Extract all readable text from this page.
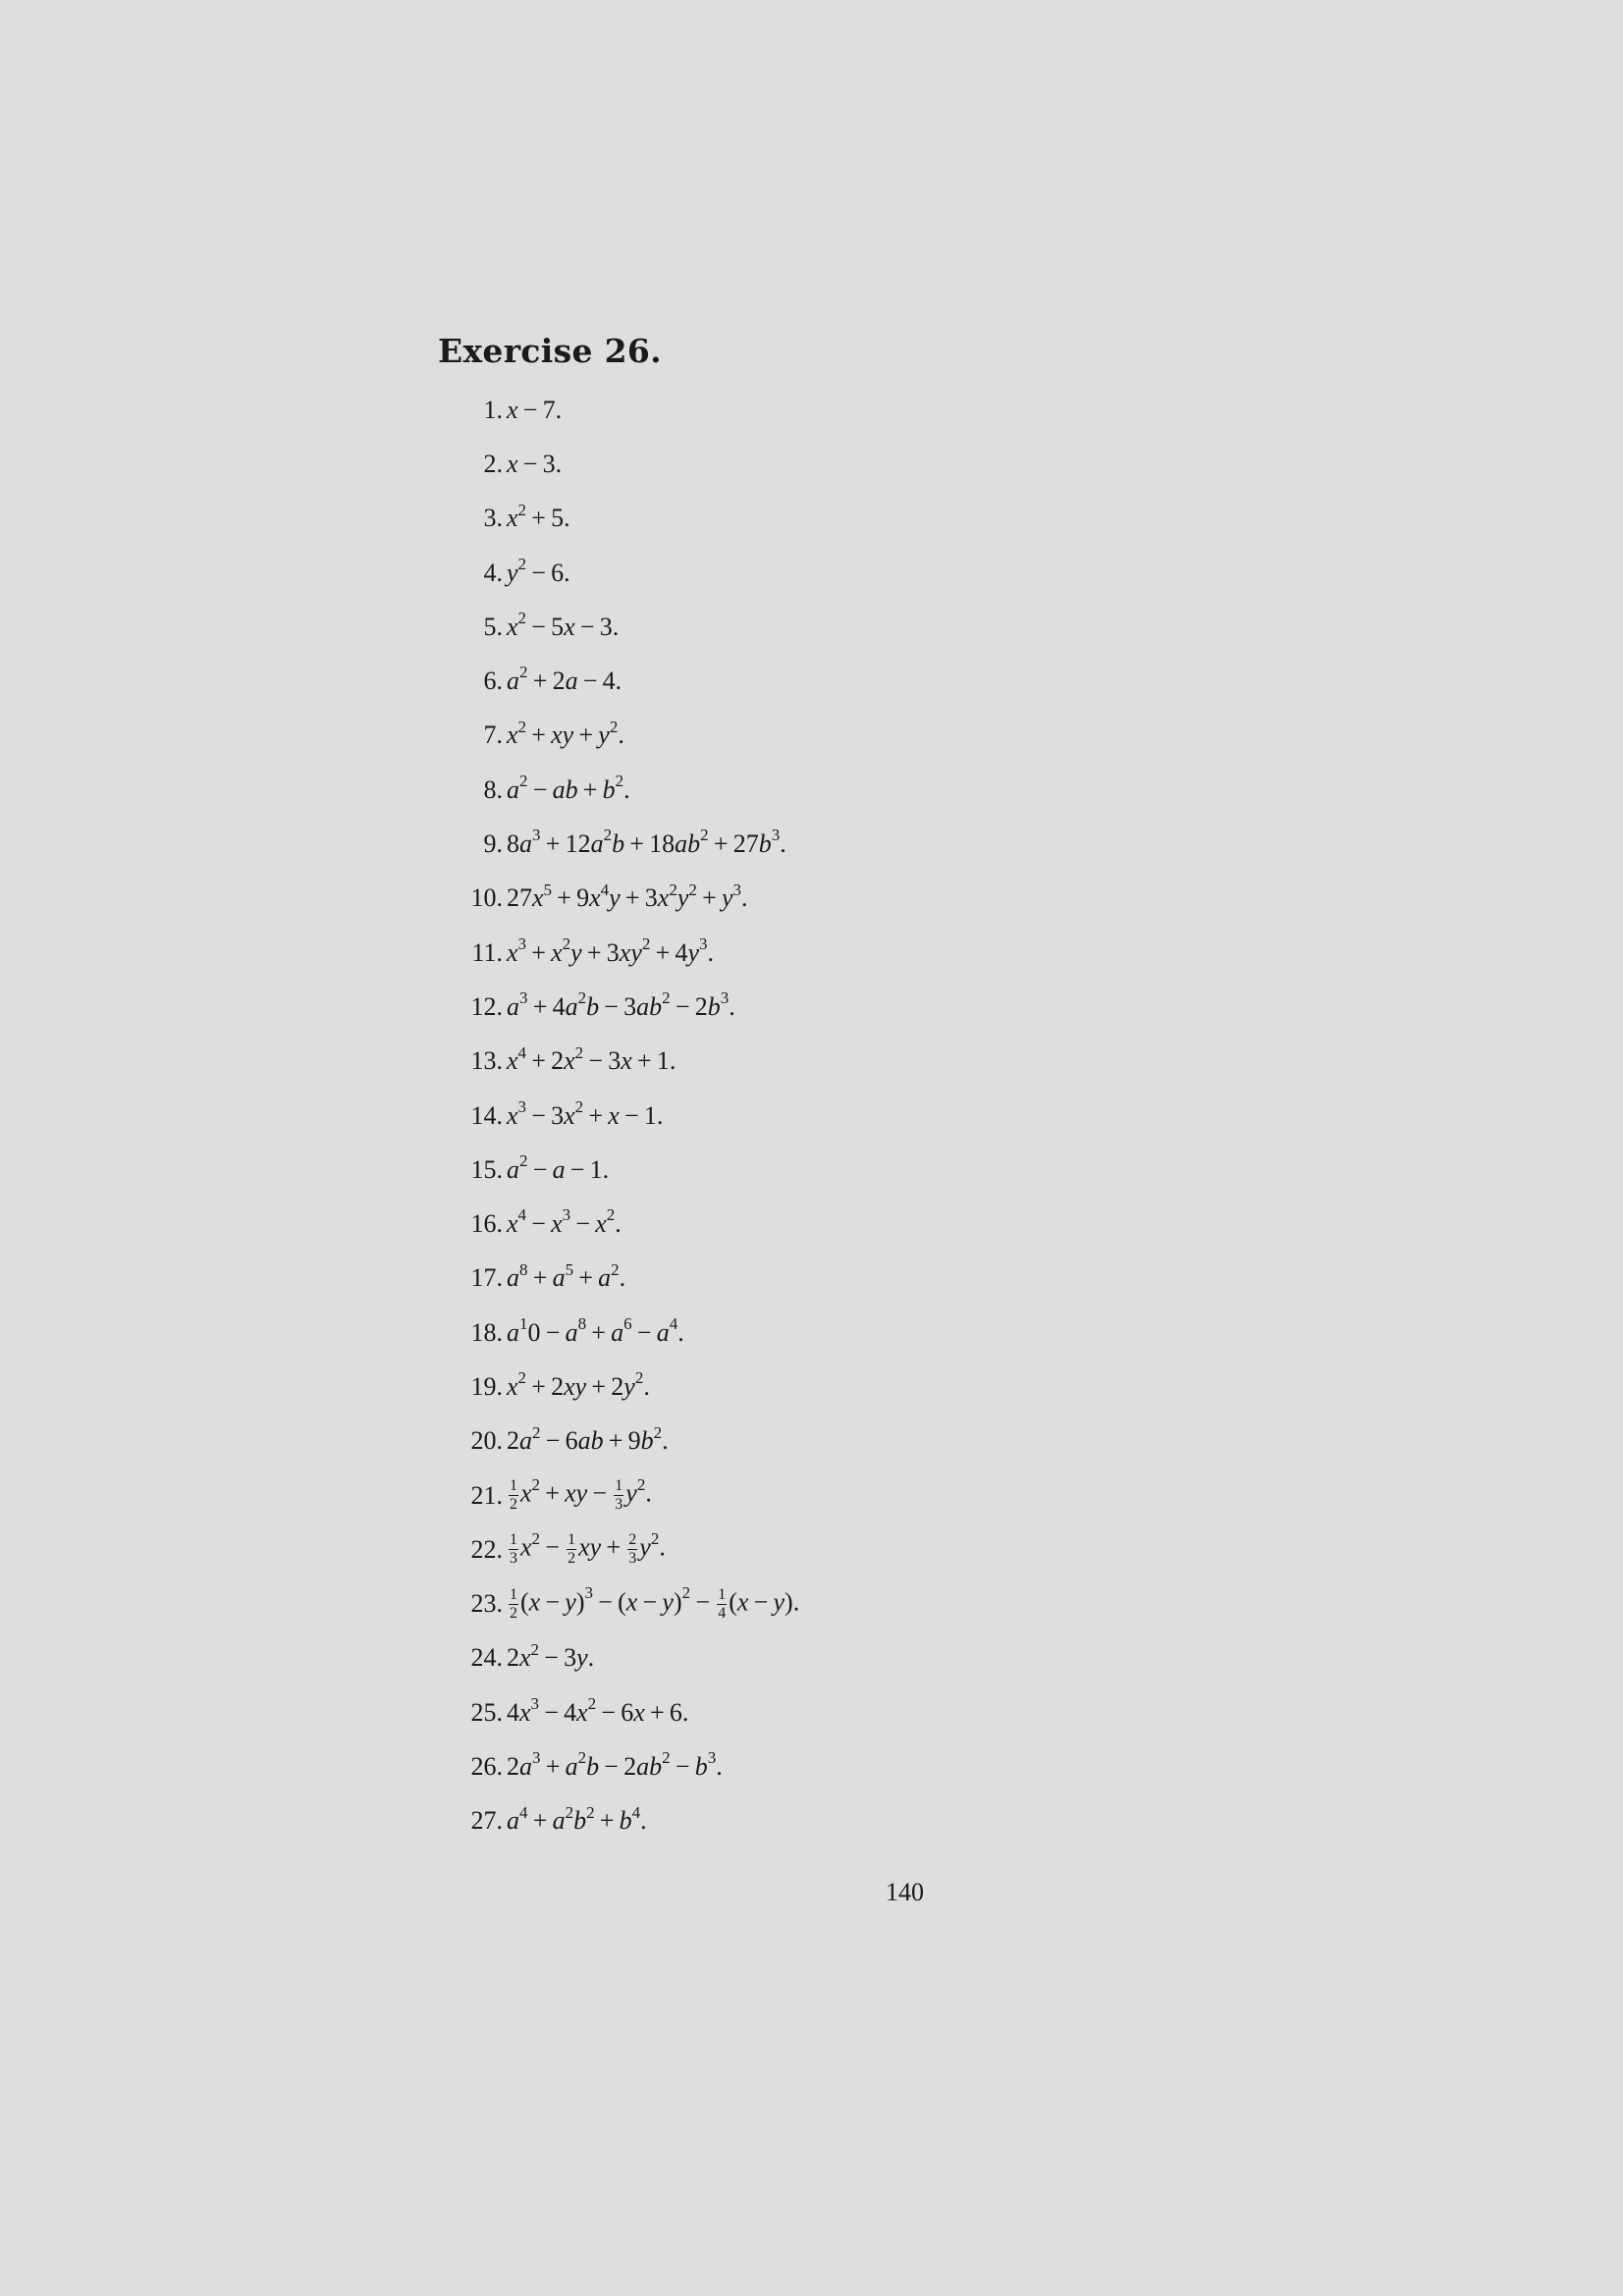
Exercise 26.
1. x − 7.
2. x − 3.
3. $x^2 + 5$.
4. $y^2 - 6$.
5. $x^2 - 5x - 3$.
6. $a^2 + 2a - 4$.
7. $x^2$ + xy + $y^2$.
8. $a^2$ − ab + $b^2$.
9. $8a^3 + 12a^2b + 18ab^2 + 27b^3$.
10. $27x^5 + 9x^4y + 3x^2y^2 + y^3$.
11. $x^3 + x^2y + 3xy^2 + 4y^3$.
12. $a^3 + 4a^2b - 3ab^2 - 2b^3$.
13. $x^4 + 2x^2 - 3x + 1$.
14. $x^3 - 3x^2 + x - 1$.
15. $a^2 - a - 1$.
16. $x^4 - x^3 - x^2$.
17. $a^8 + a^5 + a^2$.
18. $a^10 - a^8 + a^6 - a^4$.
19. $x^2 + 2xy + 2y^2$.
20. $2a^2 - 6ab + 9b^2$.
21. $\frac{1}{2} x^2$ + xy −  $\frac{1}{3} y^2$.
22. $\frac{1}{3} x^2 - \frac{1}{2}$ xy +  $\frac{2}{3} y^2$.
23. $\frac{1}{2} (x - y)^3 - (x - y)^2 - \frac{1}{4} (x - y)$.
24. $2x^2 - 3y$.
25. $4x^3 - 4x^2 - 6x + 6$.
26. $2a^3 + a^2b - 2ab^2 - b^3$.
27. $a^4 + a^2b^2 + b^4$.
140
